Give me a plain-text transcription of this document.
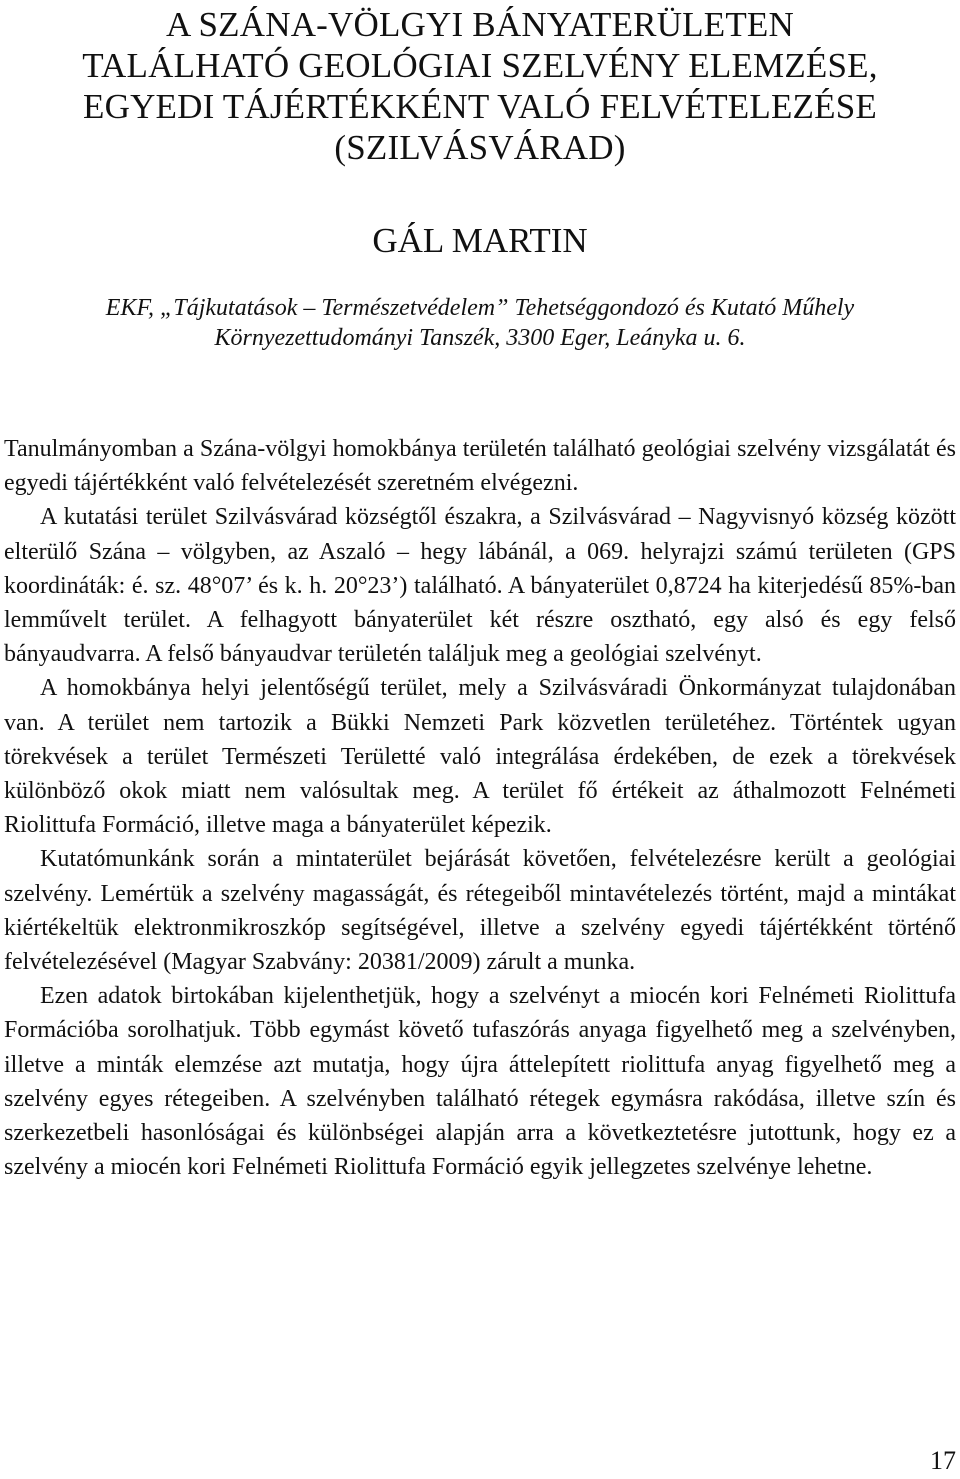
A SZÁNA-VÖLGYI BÁNYATERÜLETEN
TALÁLHATÓ GEOLÓGIAI SZELVÉNY ELEMZÉSE,
EGYEDI TÁJÉRTÉKKÉNT VALÓ FELVÉTELEZÉSE
(SZILVÁSVÁRAD)
GÁL MARTIN
EKF, „Tájkutatások – Természetvédelem” Tehetséggondozó és Kutató Műhely
Környezettudományi Tanszék, 3300 Eger, Leányka u. 6.

Tanulmányomban a Szána-völgyi homokbánya területén található geológiai szelvény vizsgálatát és egyedi tájértékként való felvételezését szeretném elvégezni.

A kutatási terület Szilvásvárad községtől északra, a Szilvásvárad – Nagyvisnyó község között elterülő Szána – völgyben, az Aszaló – hegy lábánál, a 069. helyrajzi számú területen (GPS koordináták: é. sz. 48°07’ és k. h. 20°23’) található. A bányaterület 0,8724 ha kiterjedésű 85%-ban lemművelt terület. A felhagyott bányaterület két részre osztható, egy alsó és egy felső bányaudvarra. A felső bányaudvar területén találjuk meg a geológiai szelvényt.

A homokbánya helyi jelentőségű terület, mely a Szilvásváradi Önkormányzat tulajdonában van. A terület nem tartozik a Bükki Nemzeti Park közvetlen területéhez. Történtek ugyan törekvések a terület Természeti Területté való integrálása érdekében, de ezek a törekvések különböző okok miatt nem valósultak meg. A terület fő értékeit az áthalmozott Felnémeti Riolittufa Formáció, illetve maga a bányaterület képezik.

Kutatómunkánk során a mintaterület bejárását követően, felvételezésre került a geológiai szelvény. Lemértük a szelvény magasságát, és rétegeiből mintavételezés történt, majd a mintákat kiértékeltük elektronmikroszkóp segítségével, illetve a szelvény egyedi tájértékként történő felvételezésével (Magyar Szabvány: 20381/2009) zárult a munka.

Ezen adatok birtokában kijelenthetjük, hogy a szelvényt a miocén kori Felnémeti Riolittufa Formációba sorolhatjuk. Több egymást követő tufaszórás anyaga figyelhető meg a szelvényben, illetve a minták elemzése azt mutatja, hogy újra áttelepített riolittufa anyag figyelhető meg a szelvény egyes rétegeiben. A szelvényben található rétegek egymásra rakódása, illetve szín és szerkezetbeli hasonlóságai és különbségei alapján arra a következtetésre jutottunk, hogy ez a szelvény a miocén kori Felnémeti Riolittufa Formáció egyik jellegzetes szelvénye lehetne.

17
